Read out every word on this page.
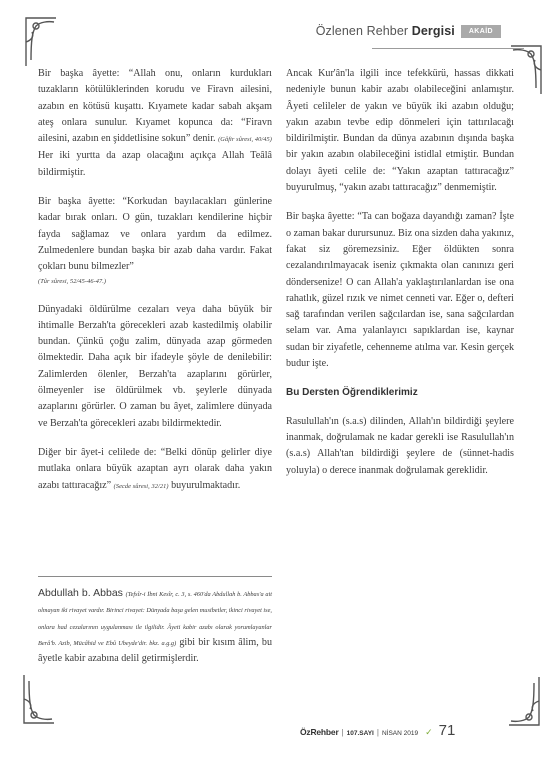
Özlenen Rehber Dergisi	AKAİD

Bir başka âyette: “Allah onu, onların kurdukları tuzakların kötülüklerinden korudu ve Firavn ailesini, azabın en kötüsü kuşattı. Kıyamete kadar sabah akşam ateş onlara sunulur. Kıyamet kopunca da: “Firavn ailesini, azabın en şiddetlisine sokun” denir. (Gâfir sûresi, 40/45) Her iki yurtta da azap olacağını açıkça Allah Teâlâ bildirmiştir.

Bir başka âyette: “Korkudan bayılacakları günlerine kadar bırak onları. O gün, tuzakları kendilerine hiçbir fayda sağlamaz ve onlara yardım da edilmez. Zulmedenlere bundan başka bir azab daha vardır. Fakat çokları bunu bilmezler”
(Tûr sûresi, 52/45-46-47.)

Dünyadaki öldürülme cezaları veya daha büyük bir ihtimalle Berzah'ta görecekleri azab kastedilmiş olabilir bundan. Çünkü çoğu zalim, dünyada azap görmeden ölmektedir. Daha açık bir ifadeyle şöyle de denilebilir: Zalimlerden ölenler, Berzah'ta azaplarını görürler, ölmeyenler ise öldürülmek vb. şeylerle dünyada azaplarını görürler. O zaman bu âyet, zalimlere dünyada ve Berzah'ta görecekleri azabı bildirmektedir.

Diğer bir âyet-i celilede de: “Belki dönüp gelirler diye mutlaka onlara büyük azaptan ayrı olarak daha yakın azabı tattıracağız” (Secde sûresi, 32/21) buyurulmaktadır.

Abdullah b. Abbas (Tefsîr-i İbni Kesîr, c. 3, s. 460'da Abdullah b. Abbas'a ait olmayan iki rivayet vardır. Birinci rivayet: Dünyada başa gelen musibetler, ikinci rivayet ise, onlara had cezalarının uygulanması ile ilgilidir. Âyeti kabir azabı olarak yorumlayanlar Berâ'b. Azib, Mücâhid ve Ebû Ubeyde'dir. bkz. a.g.g) gibi bir kısım âlim, bu âyetle kabir azabına delil getirmişlerdir.

Ancak Kur'ân'la ilgili ince tefekkürü, hassas dikkati nedeniyle bunun kabir azabı olabileceğini anlamıştır. Âyeti celileler de yakın ve büyük iki azabın olduğu; yakın azabın tevbe edip dönmeleri için tattırılacağı bildirilmiştir. Bundan da dünya azabının dışında başka bir yakın azabın olabileceğini istidlal etmiştir. Bundan dolayı âyeti celile de: “Yakın azaptan tattıracağız” buyurulmuş, “yakın azabı tattıracağız” denmemiştir.

Bir başka âyette: “Ta can boğaza dayandığı zaman? İşte o zaman bakar durursunuz. Biz ona sizden daha yakınız, fakat siz göremezsiniz. Eğer öldükten sonra cezalandırılmayacak iseniz çıkmakta olan canınızı geri döndersenize! O can Allah'a yaklaştırılanlardan ise ona rahatlık, güzel rızık ve nimet cenneti var. Eğer o, defteri sağ tarafından verilen sağcılardan ise, sana sağcılardan selam var. Ama yalanlayıcı sapıklardan ise, kaynar sudan bir ziyafetle, cehenneme atılma var. Kesin gerçek budur işte.

Bu Dersten Öğrendiklerimiz

Rasulullah'ın (s.a.s) dilinden, Allah'ın bildirdiği şeylere inanmak, doğrulamak ne kadar gerekli ise Rasulullah'ın (s.a.s) Allah'tan bildirdiği şeylere de (sünnet-hadis yoluyla) o derece inanmak doğrulamak gereklidir.

ÖzRehber | 107.SAYI | NİSAN 2019 ✓ 71
